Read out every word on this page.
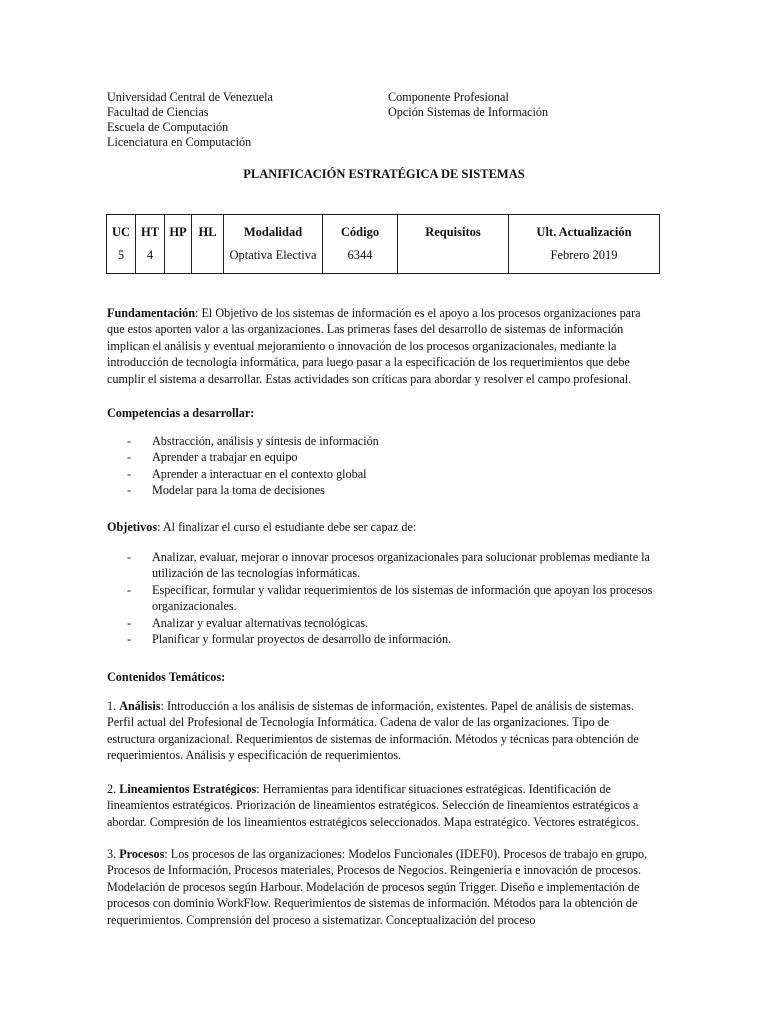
Universidad Central de Venezuela
Facultad de Ciencias
Escuela de Computación
Licenciatura en Computación
Componente Profesional
Opción Sistemas de Información
PLANIFICACIÓN ESTRATÉGICA DE SISTEMAS
UC	HT	HP	HL	Modalidad	Código	Requisitos	Ult. Actualización
5	4			Optativa Electiva	6344		Febrero 2019

Fundamentación: El Objetivo de los sistemas de información es el apoyo a los procesos organizaciones para que estos aporten valor a las organizaciones. Las primeras fases del desarrollo de sistemas de información implican el análisis y eventual mejoramiento o innovación de los procesos organizacionales, mediante la introducción de tecnología informática, para luego pasar a la especificación de los requerimientos que debe cumplir el sistema a desarrollar. Estas actividades son críticas para abordar y resolver el campo profesional.

Competencias a desarrollar:

- Abstracción, análisis y síntesis de información
- Aprender a trabajar en equipo
- Aprender a interactuar en el contexto global
- Modelar para la toma de decisiones

Objetivos: Al finalizar el curso el estudiante debe ser capaz de:

- Analizar, evaluar, mejorar o innovar procesos organizacionales para solucionar problemas mediante la utilización de las tecnologías informáticas.
- Especificar, formular y validar requerimientos de los sistemas de información que apoyan los procesos organizacionales.
- Analizar y evaluar alternativas tecnológicas.
- Planificar y formular proyectos de desarrollo de información.

Contenidos Temáticos:

1. Análisis: Introducción a los análisis de sistemas de información, existentes. Papel de análisis de sistemas. Perfil actual del Profesional de Tecnología Informática. Cadena de valor de las organizaciones. Tipo de estructura organizacional. Requerimientos de sistemas de información. Métodos y técnicas para obtención de requerimientos. Análisis y especificación de requerimientos.

2. Lineamientos Estratégicos: Herramientas para identificar situaciones estratégicas. Identificación de lineamientos estratégicos. Priorización de lineamientos estratégicos. Selección de lineamientos estratégicos a abordar. Compresión de los lineamientos estratégicos seleccionados. Mapa estratégico. Vectores estratégicos.

3. Procesos: Los procesos de las organizaciones: Modelos Funcionales (IDEF0). Procesos de trabajo en grupo, Procesos de Información, Procesos materiales, Procesos de Negocios. Reingeniería e innovación de procesos. Modelación de procesos según Harbour. Modelación de procesos según Trigger. Diseño e implementación de procesos con dominio WorkFlow. Requerimientos de sistemas de información. Métodos para la obtención de requerimientos. Comprensión del proceso a sistematizar. Conceptualización del proceso
